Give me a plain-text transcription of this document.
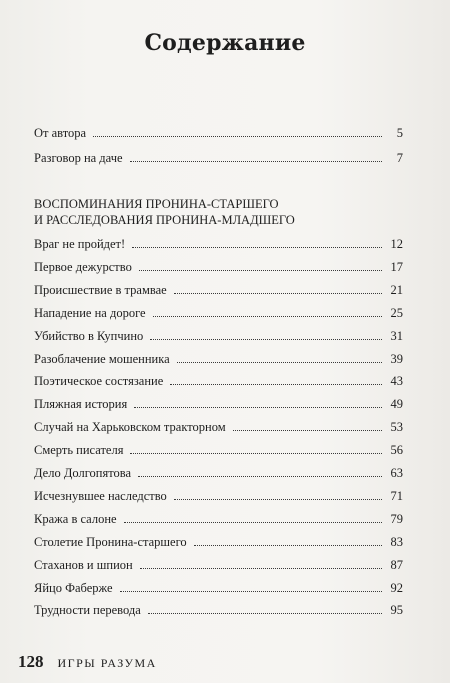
Содержание
От автора	5
Разговор на даче	7
ВОСПОМИНАНИЯ ПРОНИНА-СТАРШЕГО
И РАССЛЕДОВАНИЯ ПРОНИНА-МЛАДШЕГО
Враг не пройдет!	12
Первое дежурство	17
Происшествие в трамвае	21
Нападение на дороге	25
Убийство в Купчино	31
Разоблачение мошенника	39
Поэтическое состязание	43
Пляжная история	49
Случай на Харьковском тракторном	53
Смерть писателя	56
Дело Долгопятова	63
Исчезнувшее наследство	71
Кража в салоне	79
Столетие Пронина-старшего	83
Стаханов и шпион	87
Яйцо Фаберже	92
Трудности перевода	95
128 ИГРЫ РАЗУМА
